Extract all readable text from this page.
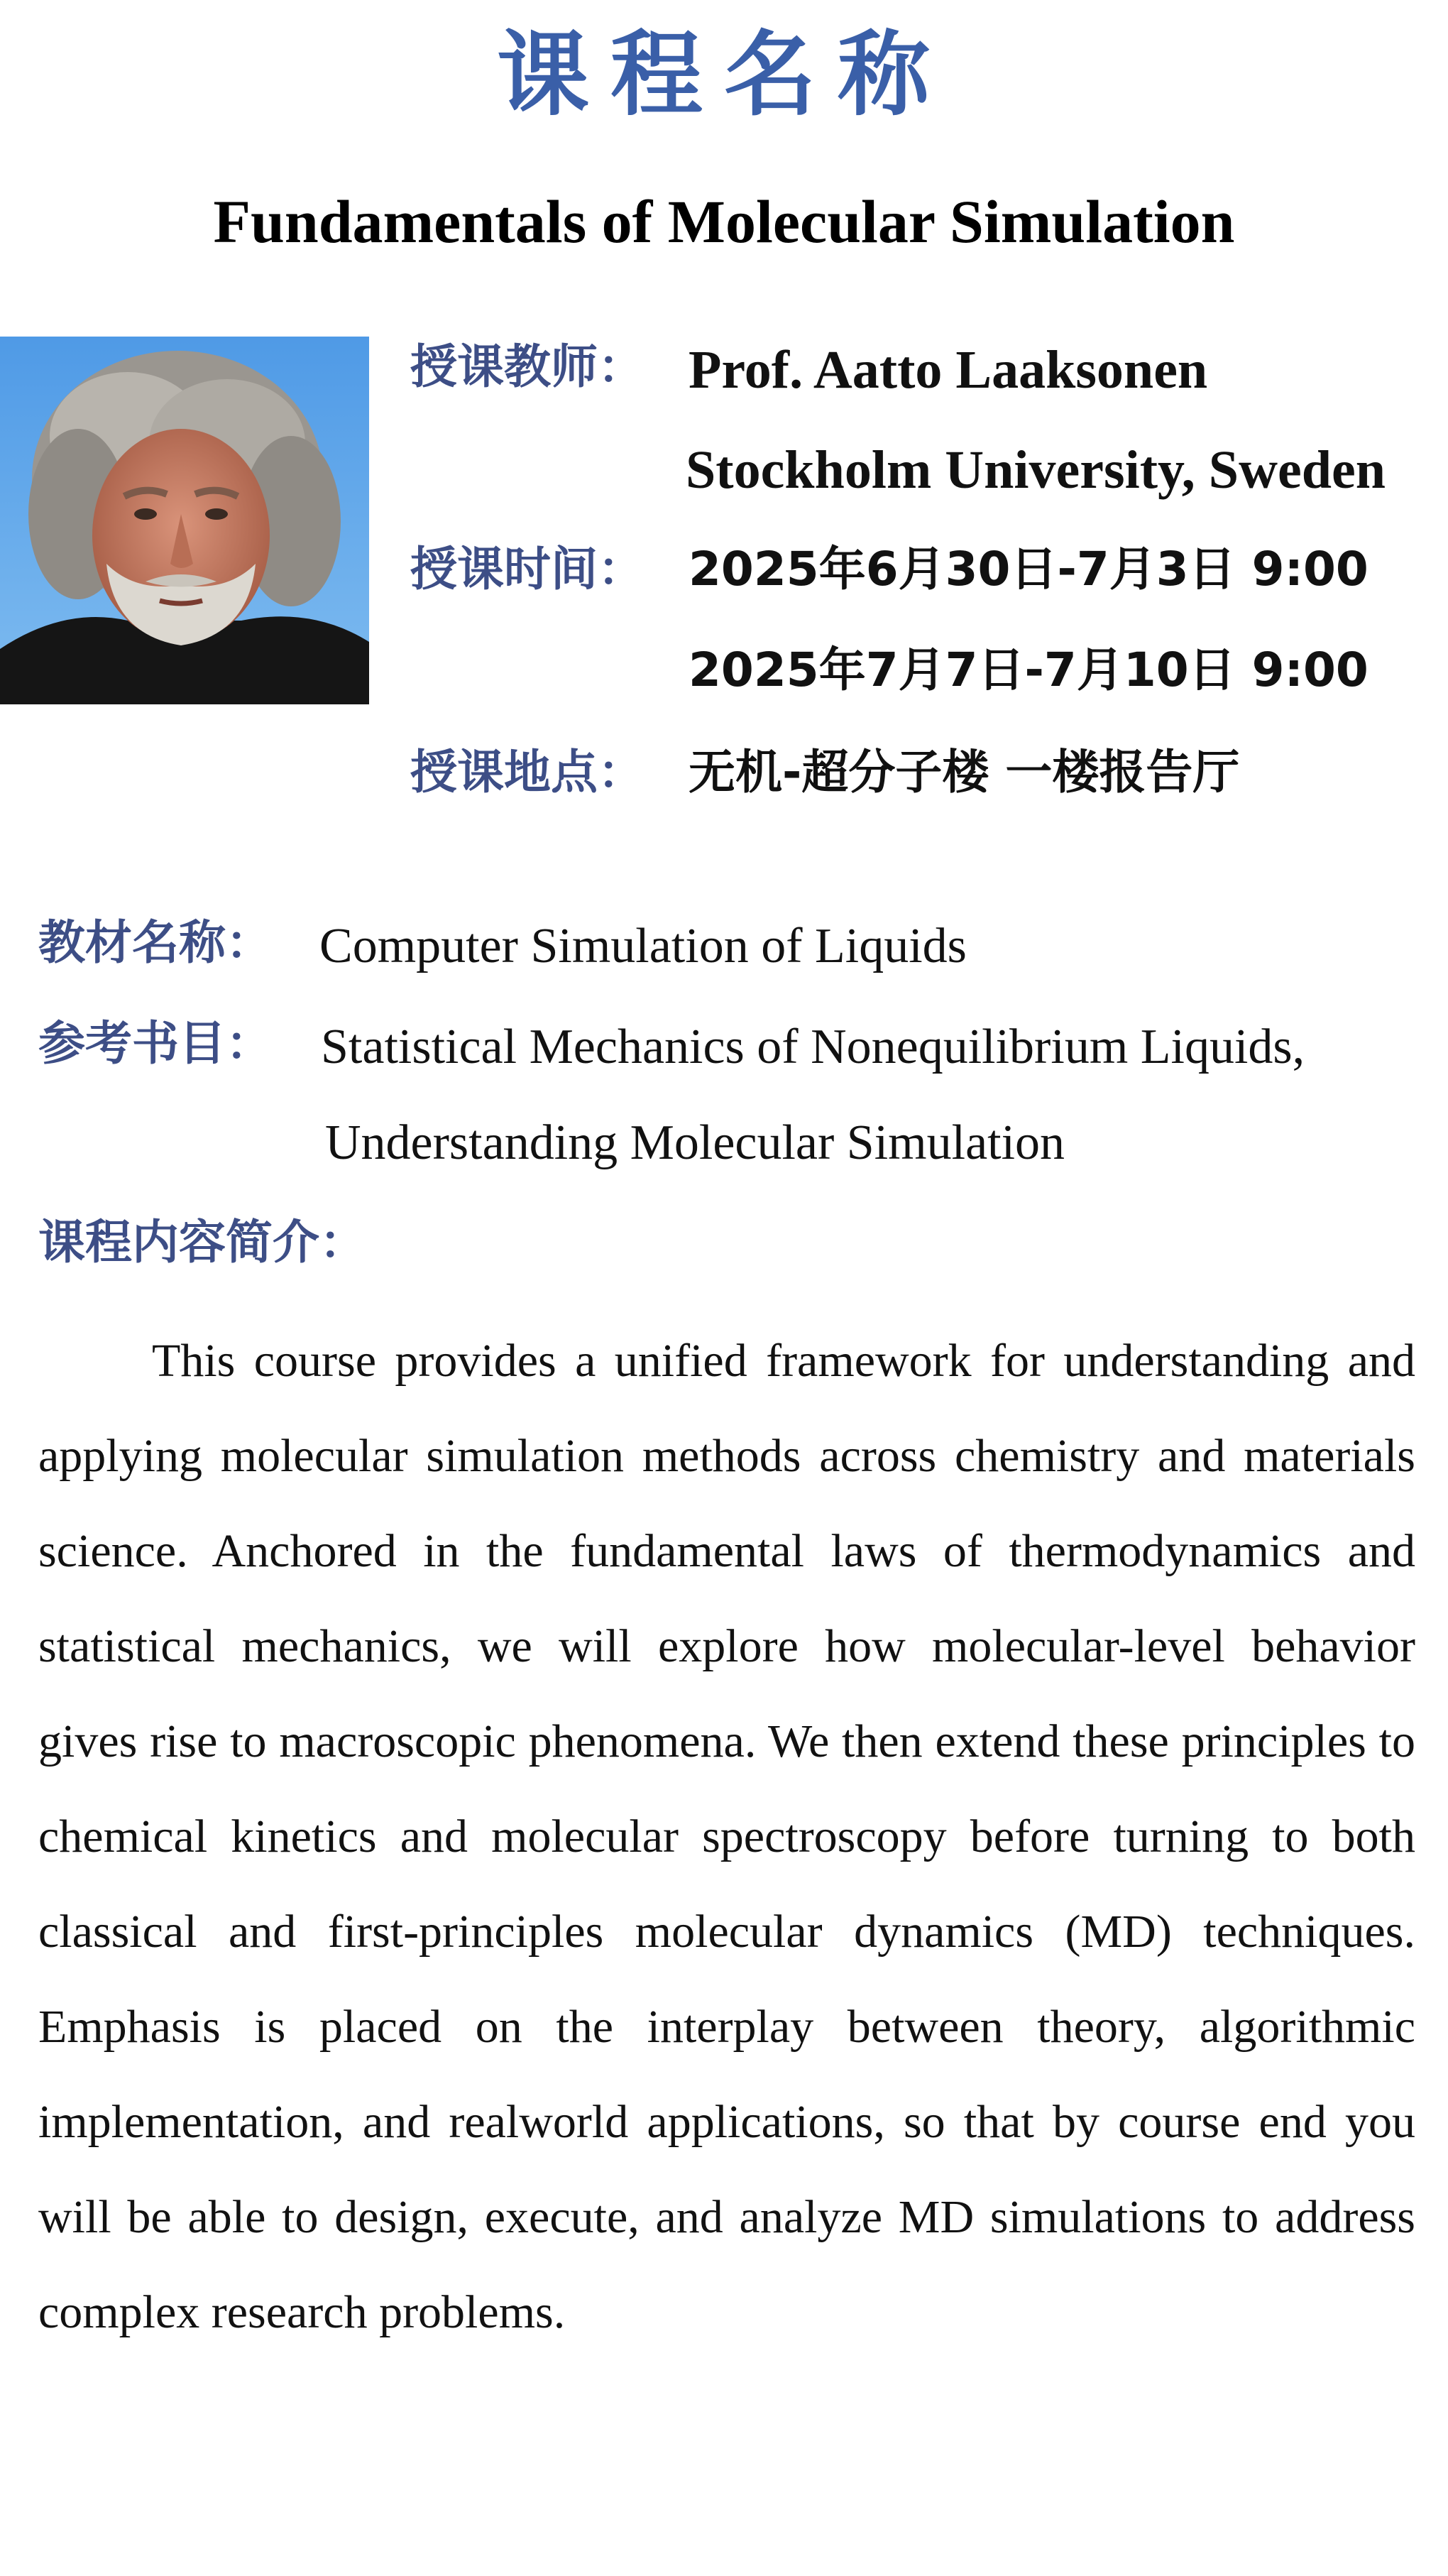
课程名称
Fundamentals of Molecular Simulation
授课教师： Prof. Aatto Laaksonen
Stockholm University, Sweden
授课时间： 2025年6月30日-7月3日 9:00
2025年7月7日-7月10日 9:00
授课地点： 无机-超分子楼 一楼报告厅
教材名称： Computer Simulation of Liquids
参考书目： Statistical Mechanics of Nonequilibrium Liquids,
Understanding Molecular Simulation
课程内容简介：

This course provides a unified framework for understanding and applying molecular simulation methods across chemistry and materials science. Anchored in the fundamental laws of thermodynamics and statistical mechanics, we will explore how molecular-level behavior gives rise to macroscopic phenomena. We then extend these principles to chemical kinetics and molecular spectroscopy before turning to both classical and first-principles molecular dynamics (MD) techniques. Emphasis is placed on the interplay between theory, algorithmic implementation, and realworld applications, so that by course end you will be able to design, execute, and analyze MD simulations to address complex research problems.
